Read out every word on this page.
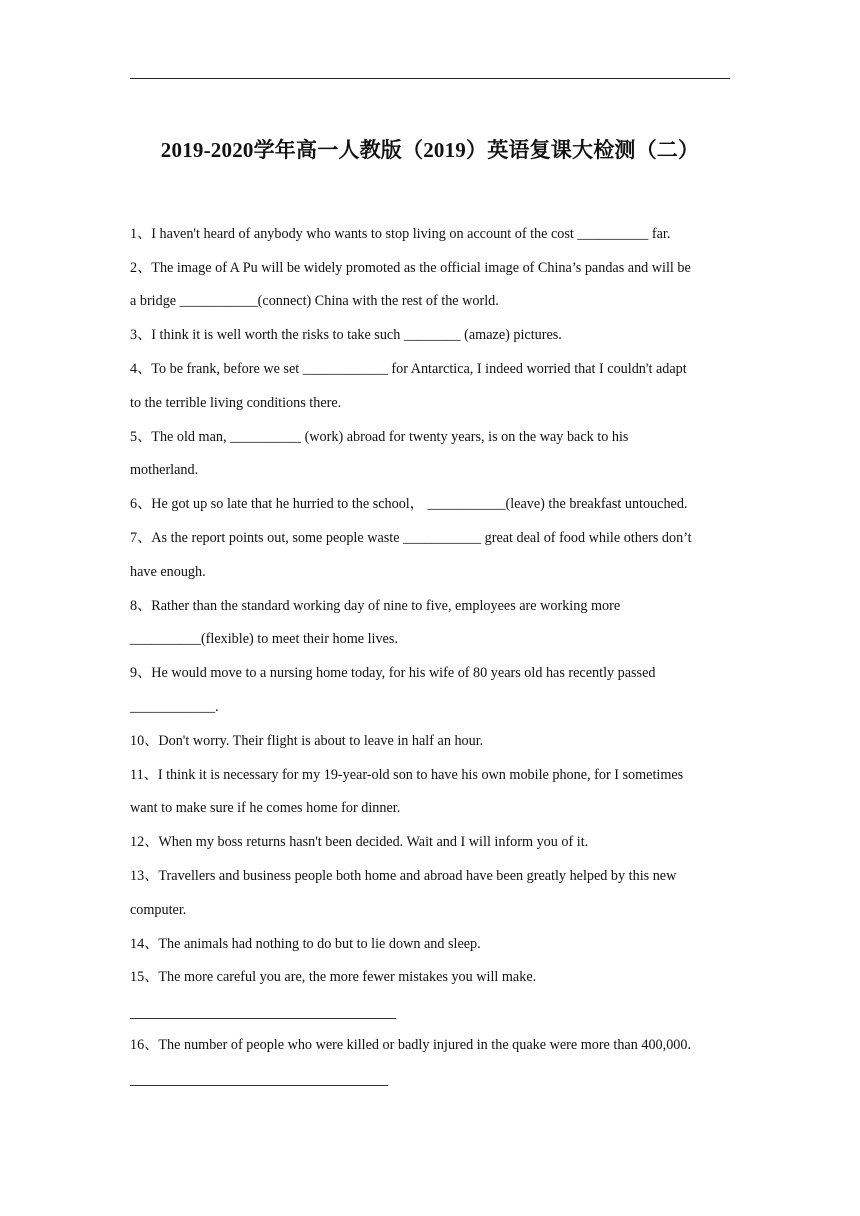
2019-2020学年高一人教版（2019）英语复课大检测（二）
1、I haven't heard of anybody who wants to stop living on account of the cost __________ far.
2、The image of A Pu will be widely promoted as the official image of China’s pandas and will be
a bridge ___________(connect) China with the rest of the world.
3、I think it is well worth the risks to take such ________ (amaze) pictures.
4、To be frank, before we set ____________ for Antarctica, I indeed worried that I couldn't adapt
to the terrible living conditions there.
5、The old man, __________ (work) abroad for twenty years, is on the way back to his
motherland.
6、He got up so late that he hurried to the school， ___________(leave) the breakfast untouched.
7、As the report points out, some people waste ___________ great deal of food while others don’t
have enough.
8、Rather than the standard working day of nine to five, employees are working more
__________(flexible) to meet their home lives.
9、He would move to a nursing home today, for his wife of 80 years old has recently passed
____________.
10、Don't worry. Their flight is about to leave in half an hour.
11、I think it is necessary for my 19-year-old son to have his own mobile phone, for I sometimes
want to make sure if he comes home for dinner.
12、When my boss returns hasn't been decided. Wait and I will inform you of it.
13、Travellers and business people both home and abroad have been greatly helped by this new
computer.
14、The animals had nothing to do but to lie down and sleep.
15、The more careful you are, the more fewer mistakes you will make.
16、The number of people who were killed or badly injured in the quake were more than 400,000.
